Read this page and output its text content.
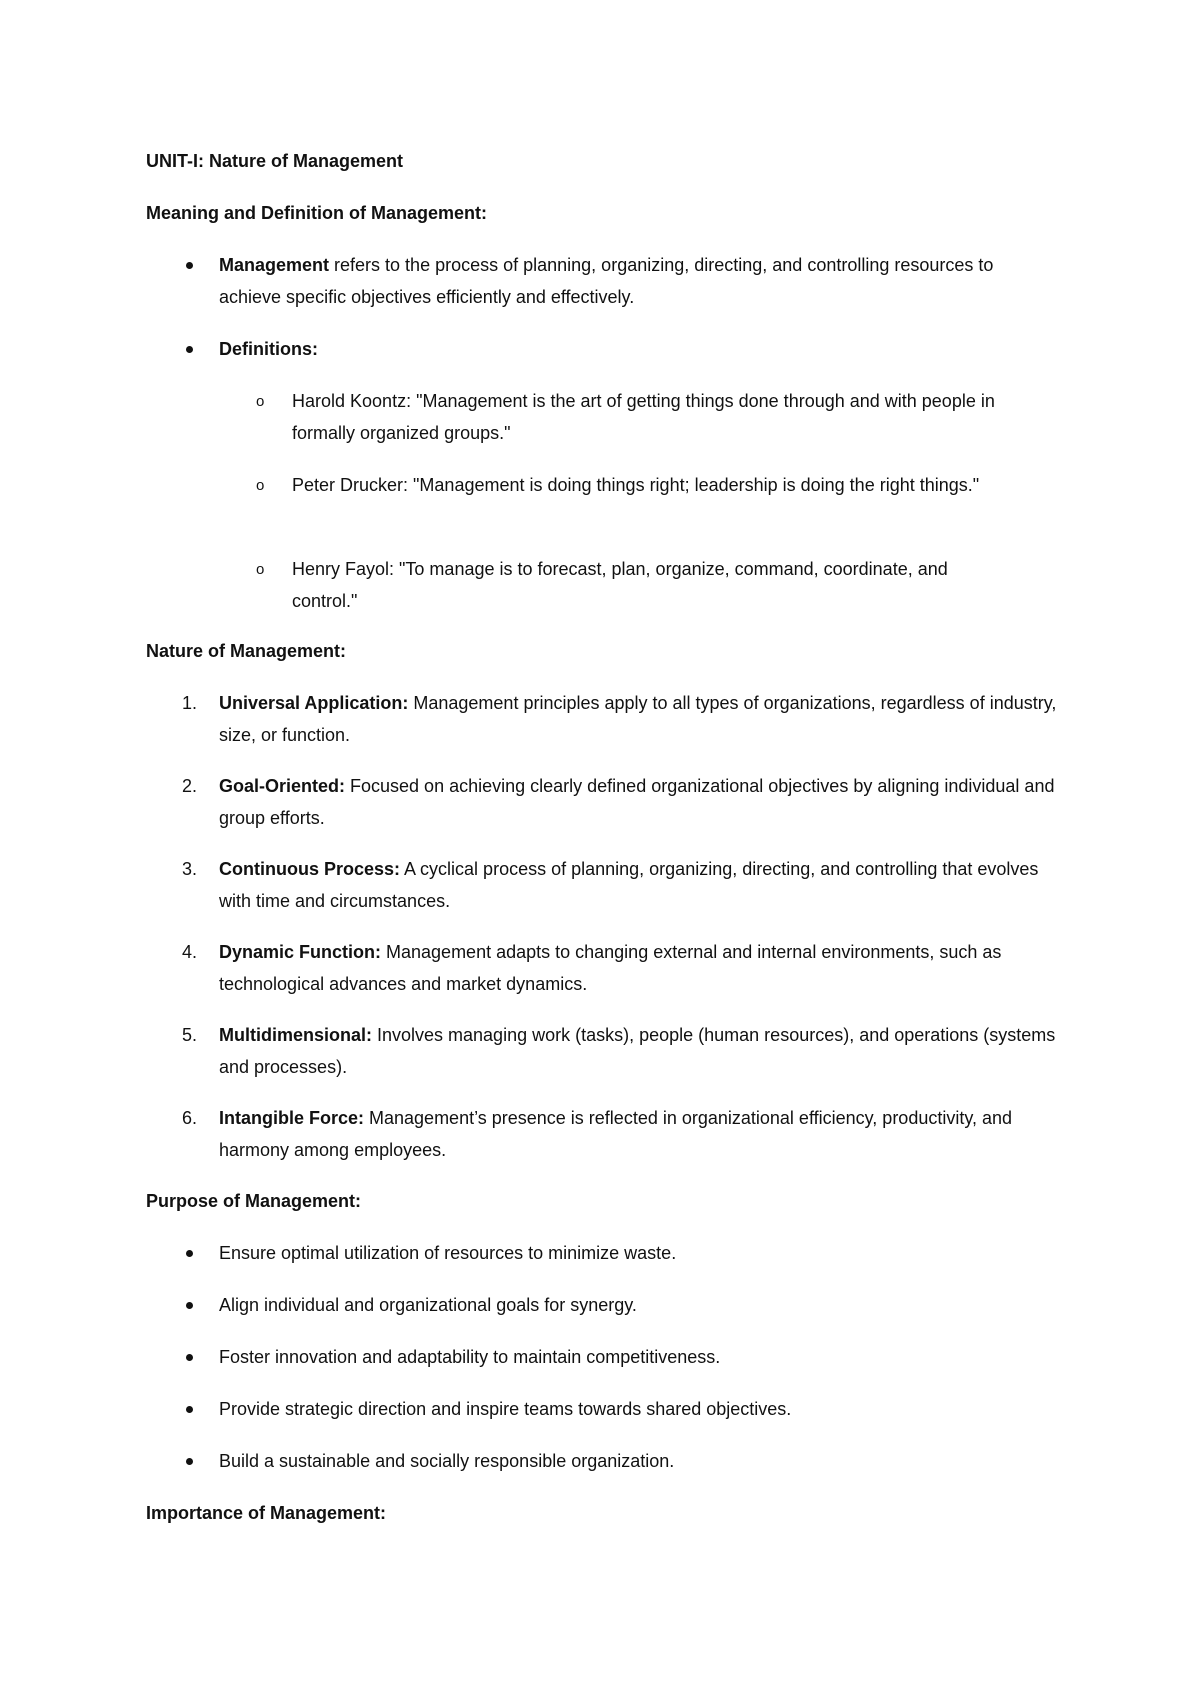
UNIT-I: Nature of Management
Meaning and Definition of Management:
Management refers to the process of planning, organizing, directing, and controlling resources to achieve specific objectives efficiently and effectively.
Definitions:
o Harold Koontz: "Management is the art of getting things done through and with people in formally organized groups."
o Peter Drucker: "Management is doing things right; leadership is doing the right things."
o Henry Fayol: "To manage is to forecast, plan, organize, command, coordinate, and control."
Nature of Management:
1. Universal Application: Management principles apply to all types of organizations, regardless of industry, size, or function.
2. Goal-Oriented: Focused on achieving clearly defined organizational objectives by aligning individual and group efforts.
3. Continuous Process: A cyclical process of planning, organizing, directing, and controlling that evolves with time and circumstances.
4. Dynamic Function: Management adapts to changing external and internal environments, such as technological advances and market dynamics.
5. Multidimensional: Involves managing work (tasks), people (human resources), and operations (systems and processes).
6. Intangible Force: Management’s presence is reflected in organizational efficiency, productivity, and harmony among employees.
Purpose of Management:
Ensure optimal utilization of resources to minimize waste.
Align individual and organizational goals for synergy.
Foster innovation and adaptability to maintain competitiveness.
Provide strategic direction and inspire teams towards shared objectives.
Build a sustainable and socially responsible organization.
Importance of Management:
